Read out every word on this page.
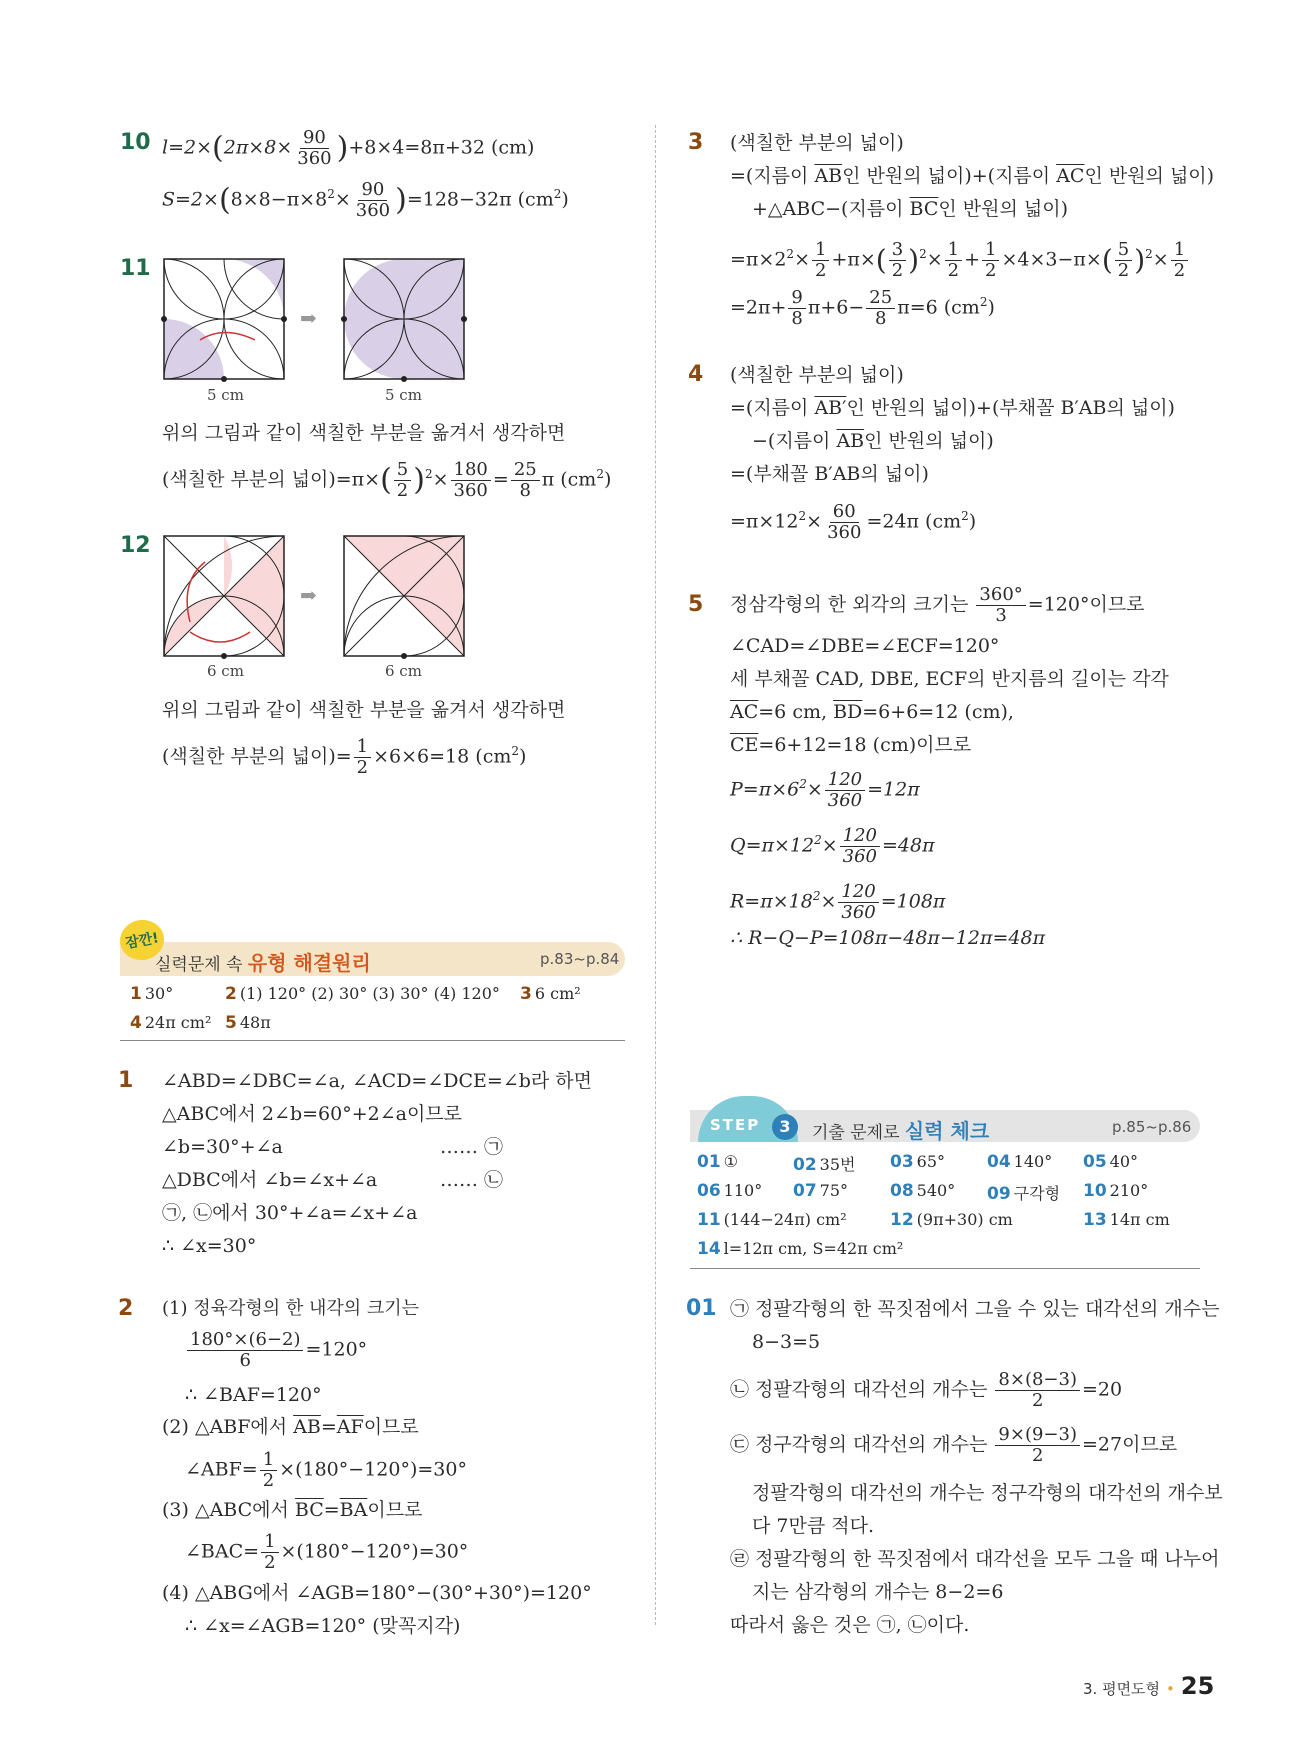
10 $l=2\times(2\pi\times 8\times \frac{90}{360} )+8\times 4=8\pi+32$ (cm)
$S=2\times(8\times 8-\pi\times 8^2\times \frac{90}{360} )=128-32\pi$ $(cm^2)$
11
➡
5 cm	5 cm
위의 그림과 같이 색칠한 부분을 옮겨서 생각하면
(색칠한 부분의 넓이)$=\pi\times( \frac{5}{2} )^2\times \frac{180}{360} = \frac{25}{8}$ π $(cm^2)$
12
➡
6 cm	6 cm
위의 그림과 같이 색칠한 부분을 옮겨서 생각하면
(색칠한 부분의 넓이)= $\frac{1}{2} \times 6\times 6=18$ $(cm^2)$
잠깐!
실력문제 속 유형 해결원리	p.83~p.84
1 30°	2 (1) 120° (2) 30° (3) 30° (4) 120° 3 6 cm²
4 24π cm² 5 48π
1 ∠ABD=∠DBC=∠a, ∠ACD=∠DCE=∠b라 하면
△ABC에서 2∠b=60°+2∠a이므로
∠b=30°+∠a	…… ㉠
△DBC에서 ∠b=∠x+∠a	…… ㉡
㉠, ㉡에서 30°+∠a=∠x+∠a
∴ ∠x=30°
2 (1) 정육각형의 한 내각의 크기는
$\frac{180^\circ\times(6-2)}{6} =120^\circ$
∴ ∠BAF=120°
(2) △ABF에서 $\overline{AB}=\overline{AF}$이므로
∠ABF= $\frac{1}{2} \times(180^\circ-120^\circ)=30^\circ$
(3) △ABC에서 $\overline{BC}=\overline{BA}$이므로
∠BAC= $\frac{1}{2} \times(180^\circ-120^\circ)=30^\circ$
(4) △ABG에서 ∠AGB=180°−(30°+30°)=120°
∴ ∠x=∠AGB=120° (맞꼭지각)
3 (색칠한 부분의 넓이)
=(지름이 $\overline{AB}$인 반원의 넓이)+(지름이 $\overline{AC}$인 반원의 넓이)
+△ABC−(지름이 $\overline{BC}$인 반원의 넓이)
$=\pi\times 2^2\times \frac{1}{2} +\pi\times( \frac{3}{2} )^2\times \frac{1}{2} + \frac{1}{2} \times 4\times 3-\pi\times( \frac{5}{2} )^2\times \frac{1}{2}$
$=2\pi+ \frac{9}{8} \pi+6- \frac{25}{8} \pi=6$ $(cm^2)$
4 (색칠한 부분의 넓이)
=(지름이 AB′인 반원의 넓이)+(부채꼴 B′AB의 넓이)
−(지름이 $\overline{AB}$인 반원의 넓이)
=(부채꼴 B′AB의 넓이)
$=\pi\times 12^2\times \frac{60}{360} =24\pi$ $(cm^2)$
5 정삼각형의 한 외각의 크기는 $\frac{360^\circ}{3} =120^\circ$이므로
∠CAD=∠DBE=∠ECF=120°
세 부채꼴 CAD, DBE, ECF의 반지름의 길이는 각각
$\overline{AC}=6$ cm, $\overline{BD}=6+6=12$ (cm),
$\overline{CE}=6+12=18$ (cm)이므로
$P=\pi\times 6^2\times \frac{120}{360} =12\pi$
$Q=\pi\times 12^2\times \frac{120}{360} =48\pi$
$R=\pi\times 18^2\times \frac{120}{360} =108\pi$
∴ R−Q−P=108π−48π−12π=48π
STEP	3	기출 문제로 실력 체크	p.85~p.86
01 ①	02 35번 03 65° 04 140° 05 40°
06 110° 07 75° 08 540° 09 구각형 10 210°
11 (144−24π) cm²	12 (9π+30) cm	13 14π cm
14 l=12π cm, S=42π cm²
01 ㉠ 정팔각형의 한 꼭짓점에서 그을 수 있는 대각선의 개수는
8−3=5
㉡ 정팔각형의 대각선의 개수는 $\frac{8\times(8-3)}{2} =20$
㉢ 정구각형의 대각선의 개수는 $\frac{9\times(9-3)}{2} =27$이므로
정팔각형의 대각선의 개수는 정구각형의 대각선의 개수보
다 7만큼 적다.
㉣ 정팔각형의 한 꼭짓점에서 대각선을 모두 그을 때 나누어
지는 삼각형의 개수는 8−2=6
따라서 옳은 것은 ㉠, ㉡이다.
3. 평면도형 • 25
